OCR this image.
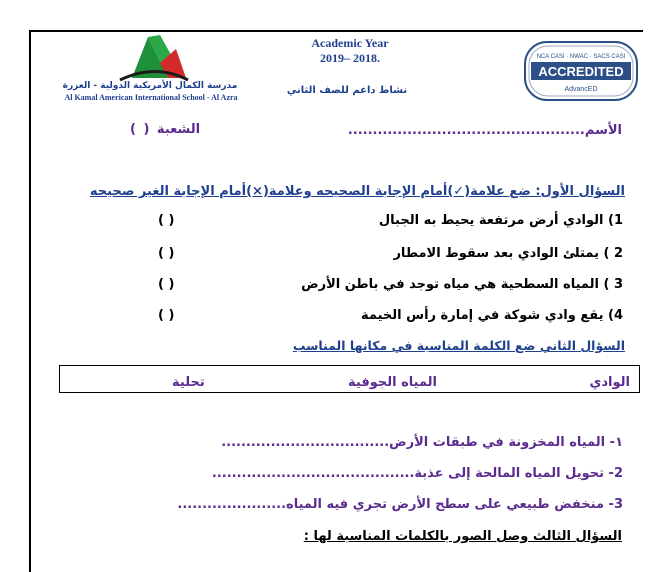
مدرسة الكمال الأمريكية الدولية - العزرة
Al Kamal American International School - Al Azra
Academic Year
2019– 2018.
نشاط داعم للصف الثاني
NCA CASI · NWAC · SACS CASI
ACCREDITED
AdvancED
الأسم................................................
الشعبة ( )
السؤال الأول: ضع علامة(✓)أمام الإجابة الصحيحه وعلامة(×)أمام الإجابة الغير صحيحه
1) الوادي أرض مرتفعة يحيط به الجبال
( )
2 ) يمتلئ الوادي بعد سقوط الامطار
( )
3 ) المياه السطحية هي مياه توجد في باطن الأرض
( )
4) يقع وادي شوكة في إمارة رأس الخيمة
( )
السؤال الثاني ضع الكلمة المناسبة في مكانها المناسب
الوادي
المياه الجوفية
تحلية
١- المياه المخزونة في طبقات الأرض..................................
2- تحويل المياه المالحة إلى عذبة.........................................
3- منخفض طبيعي على سطح الأرض تجري فيه المياه......................
السؤال الثالث وصل الصور بالكلمات المناسبة لها :
